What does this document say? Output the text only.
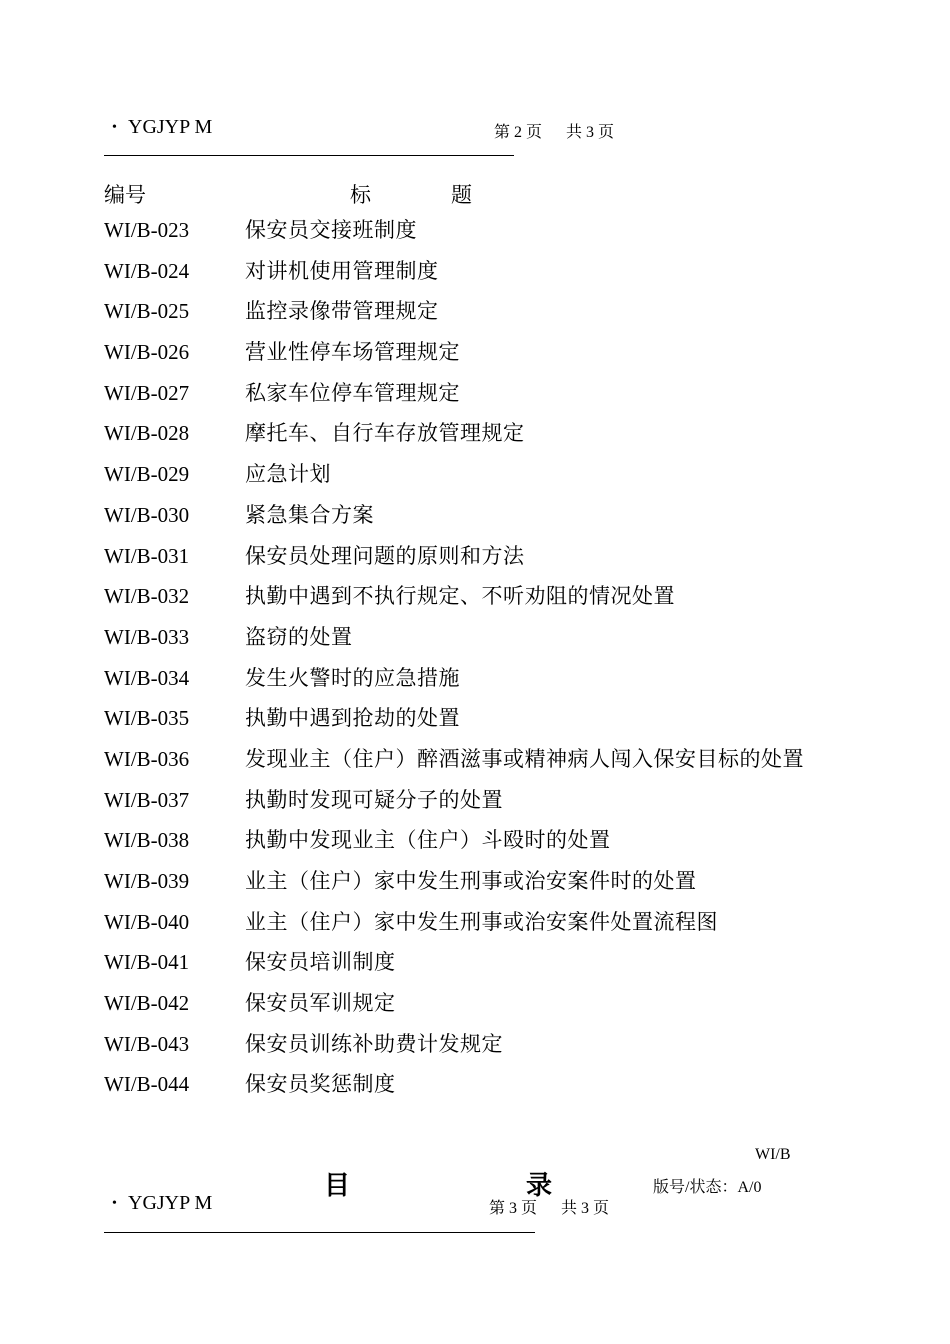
• YGJYP M	第 2 页 共 3 页
编号	标	题
WI/B-023	保安员交接班制度
WI/B-024	对讲机使用管理制度
WI/B-025	监控录像带管理规定
WI/B-026	营业性停车场管理规定
WI/B-027	私家车位停车管理规定
WI/B-028	摩托车、自行车存放管理规定
WI/B-029	应急计划
WI/B-030	紧急集合方案
WI/B-031	保安员处理问题的原则和方法
WI/B-032	执勤中遇到不执行规定、不听劝阻的情况处置
WI/B-033	盗窃的处置
WI/B-034	发生火警时的应急措施
WI/B-035	执勤中遇到抢劫的处置
WI/B-036	发现业主（住户）醉酒滋事或精神病人闯入保安目标的处置
WI/B-037	执勤时发现可疑分子的处置
WI/B-038	执勤中发现业主（住户）斗殴时的处置
WI/B-039	业主（住户）家中发生刑事或治安案件时的处置
WI/B-040	业主（住户）家中发生刑事或治安案件处置流程图
WI/B-041	保安员培训制度
WI/B-042	保安员军训规定
WI/B-043	保安员训练补助费计发规定
WI/B-044	保安员奖惩制度
WI/B
目	录	版号/状态：A/0
• YGJYP M	第 3 页 共 3 页
